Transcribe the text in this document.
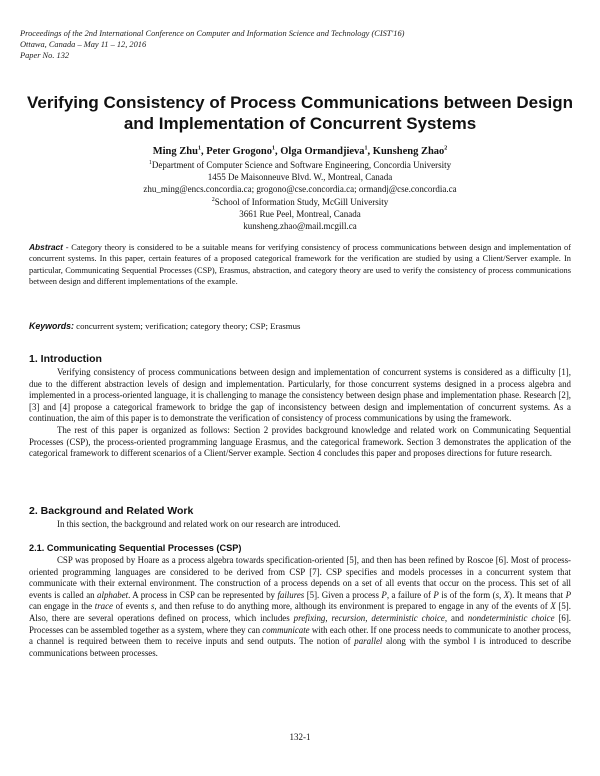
Proceedings of the 2nd International Conference on Computer and Information Science and Technology (CIST'16)
Ottawa, Canada – May 11 – 12, 2016
Paper No. 132
Verifying Consistency of Process Communications between Design
and Implementation of Concurrent Systems
Ming Zhu$^1$, Peter Grogono$^1$, Olga Ormandjieva$^1$, Kunsheng Zhao$^2$
$^1$Department of Computer Science and Software Engineering, Concordia University
1455 De Maisonneuve Blvd. W., Montreal, Canada
zhu_ming@encs.concordia.ca; grogono@cse.concordia.ca; ormandj@cse.concordia.ca
$^2$School of Information Study, McGill University
3661 Rue Peel, Montreal, Canada
kunsheng.zhao@mail.mcgill.ca
Abstract - Category theory is considered to be a suitable means for verifying consistency of process communications between design and implementation of concurrent systems. In this paper, certain features of a proposed categorical framework for the verification are studied by using a Client/Server example. In particular, Communicating Sequential Processes (CSP), Erasmus, abstraction, and category theory are used to verify the consistency of process communications between design and different implementations of the example.
Keywords: concurrent system; verification; category theory; CSP; Erasmus
1. Introduction

Verifying consistency of process communications between design and implementation of concurrent systems is considered as a difficulty [1], due to the different abstraction levels of design and implementation. Particularly, for those concurrent systems designed in a process algebra and implemented in a process-oriented language, it is challenging to manage the consistency between design phase and implementation phase. Research [2], [3] and [4] propose a categorical framework to bridge the gap of inconsistency between design and implementation of concurrent systems. As a continuation, the aim of this paper is to demonstrate the verification of consistency of process communications by using the framework.

The rest of this paper is organized as follows: Section 2 provides background knowledge and related work on Communicating Sequential Processes (CSP), the process-oriented programming language Erasmus, and the categorical framework. Section 3 demonstrates the application of the categorical framework to different scenarios of a Client/Server example. Section 4 concludes this paper and proposes directions for future research.

2. Background and Related Work

In this section, the background and related work on our research are introduced.

2.1. Communicating Sequential Processes (CSP)

CSP was proposed by Hoare as a process algebra towards specification-oriented [5], and then has been refined by Roscoe [6]. Most of process-oriented programming languages are considered to be derived from CSP [7]. CSP specifies and models processes in a concurrent system that communicate with their external environment. The construction of a process depends on a set of all events that occur on the process. This set of all events is called an alphabet. A process in CSP can be represented by failures [5]. Given a process P, a failure of P is of the form (s, X). It means that P can engage in the trace of events s, and then refuse to do anything more, although its environment is prepared to engage in any of the events of X [5]. Also, there are several operations defined on process, which includes prefixing, recursion, deterministic choice, and nondeterministic choice [6]. Processes can be assembled together as a system, where they can communicate with each other. If one process needs to communicate to another process, a channel is required between them to receive inputs and send outputs. The notion of parallel along with the symbol ‖ is introduced to describe communications between processes.

132-1
